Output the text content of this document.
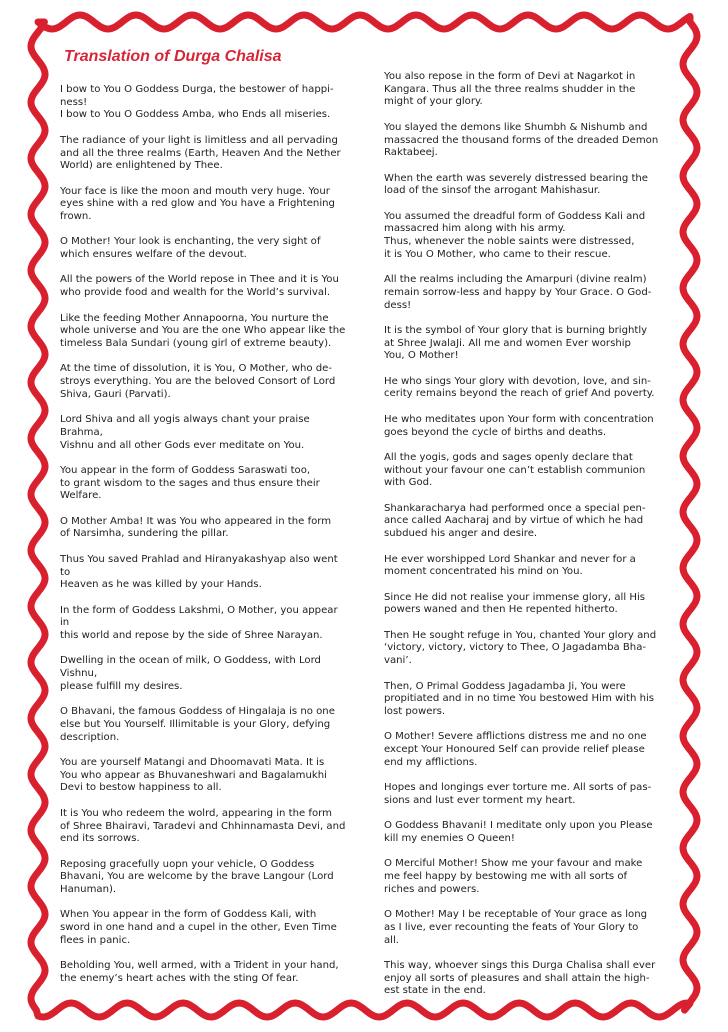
Translation of Durga Chalisa

I bow to You O Goddess Durga, the bestower of happi-
ness!
I bow to You O Goddess Amba, who Ends all miseries.

The radiance of your light is limitless and all pervading
and all the three realms (Earth, Heaven And the Nether
World) are enlightened by Thee.

Your face is like the moon and mouth very huge. Your
eyes shine with a red glow and You have a Frightening
frown.

O Mother! Your look is enchanting, the very sight of
which ensures welfare of the devout.

All the powers of the World repose in Thee and it is You
who provide food and wealth for the World’s survival.

Like the feeding Mother Annapoorna, You nurture the
whole universe and You are the one Who appear like the
timeless Bala Sundari (young girl of extreme beauty).

At the time of dissolution, it is You, O Mother, who de-
stroys everything. You are the beloved Consort of Lord
Shiva, Gauri (Parvati).

Lord Shiva and all yogis always chant your praise
Brahma,
Vishnu and all other Gods ever meditate on You.

You appear in the form of Goddess Saraswati too,
to grant wisdom to the sages and thus ensure their
Welfare.

O Mother Amba! It was You who appeared in the form
of Narsimha, sundering the pillar.

Thus You saved Prahlad and Hiranyakashyap also went
to
Heaven as he was killed by your Hands.

In the form of Goddess Lakshmi, O Mother, you appear
in
this world and repose by the side of Shree Narayan.

Dwelling in the ocean of milk, O Goddess, with Lord
Vishnu,
please fulfill my desires.

O Bhavani, the famous Goddess of Hingalaja is no one
else but You Yourself. Illimitable is your Glory, defying
description.

You are yourself Matangi and Dhoomavati Mata. It is
You who appear as Bhuvaneshwari and Bagalamukhi
Devi to bestow happiness to all.

It is You who redeem the wolrd, appearing in the form
of Shree Bhairavi, Taradevi and Chhinnamasta Devi, and
end its sorrows.

Reposing gracefully uopn your vehicle, O Goddess
Bhavani, You are welcome by the brave Langour (Lord
Hanuman).

When You appear in the form of Goddess Kali, with
sword in one hand and a cupel in the other, Even Time
flees in panic.

Beholding You, well armed, with a Trident in your hand,
the enemy’s heart aches with the sting Of fear.

You also repose in the form of Devi at Nagarkot in
Kangara. Thus all the three realms shudder in the
might of your glory.

You slayed the demons like Shumbh & Nishumb and
massacred the thousand forms of the dreaded Demon
Raktabeej.

When the earth was severely distressed bearing the
load of the sinsof the arrogant Mahishasur.

You assumed the dreadful form of Goddess Kali and
massacred him along with his army.
Thus, whenever the noble saints were distressed,
it is You O Mother, who came to their rescue.

All the realms including the Amarpuri (divine realm)
remain sorrow-less and happy by Your Grace. O God-
dess!

It is the symbol of Your glory that is burning brightly
at Shree JwalaJi. All me and women Ever worship
You, O Mother!

He who sings Your glory with devotion, love, and sin-
cerity remains beyond the reach of grief And poverty.

He who meditates upon Your form with concentration
goes beyond the cycle of births and deaths.

All the yogis, gods and sages openly declare that
without your favour one can’t establish communion
with God.

Shankaracharya had performed once a special pen-
ance called Aacharaj and by virtue of which he had
subdued his anger and desire.

He ever worshipped Lord Shankar and never for a
moment concentrated his mind on You.

Since He did not realise your immense glory, all His
powers waned and then He repented hitherto.

Then He sought refuge in You, chanted Your glory and
‘victory, victory, victory to Thee, O Jagadamba Bha-
vani’.

Then, O Primal Goddess Jagadamba Ji, You were
propitiated and in no time You bestowed Him with his
lost powers.

O Mother! Severe afflictions distress me and no one
except Your Honoured Self can provide relief please
end my afflictions.

Hopes and longings ever torture me. All sorts of pas-
sions and lust ever torment my heart.

O Goddess Bhavani! I meditate only upon you Please
kill my enemies O Queen!

O Merciful Mother! Show me your favour and make
me feel happy by bestowing me with all sorts of
riches and powers.

O Mother! May I be receptable of Your grace as long
as I live, ever recounting the feats of Your Glory to
all.

This way, whoever sings this Durga Chalisa shall ever
enjoy all sorts of pleasures and shall attain the high-
est state in the end.
